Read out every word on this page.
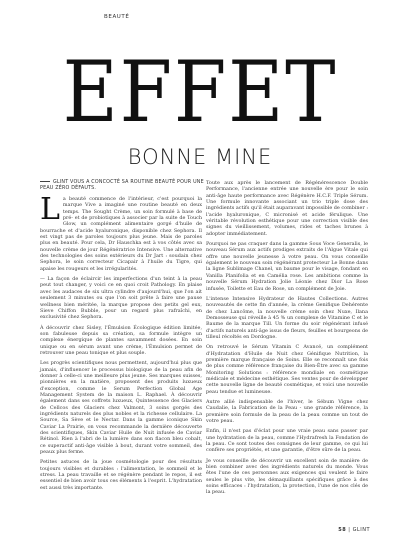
BEAUTÉ
EFFET
BONNE MINE
GLINT VOUS A CONCOCTÉ SA ROUTINE BEAUTÉ POUR UNE PEAU ZÉRO DÉFAUTS.

La beauté commence de l'intérieur, c'est pourquoi la marque Vive a imaginé une routine beauté en deux temps. The Sought Crème, un soin formulé à base de pré- et de probiotiques à associer par la suite de Touch Glow, un complément alimentaire gorgé d'huile de bourrache et d'acide hyaluronique, disponible chez Sephora. Il est vingt pas de paroles toujours plus jeune. Mais de paroles plus en beauté. Pour cela, Dr Hauschka est à vos côtés avec sa nouvelle crème de jour Régénératrice Intensive. Une alternative des technologies des soins extérieurs du Dr Jart : soudain chez Sephora, le soin correcteur Cicapair à l'huile du Tigre, qui apaise les rougeurs et les irrégularités.

— La façon de éclaircir les imperfections d'un teint à la peau peut tout changer, y voici ce en quoi croit Pathology. En plaise avec les audaces de six ultra cylindre d'aujourd'hui, que l'on ait seulement 3 minutes ou que l'on soit prête à faire une pause wellness bien méritée, la marque propose des petits gel eux, Sieve Chiffon Bubble, pour un regard plus rafraîchi, en exclusivité chez Sephora.

À découvrir chez Sisley, l'Émulsion Écologique édition limitée, son fabuleuse depuis sa création, sa formule intègre un complexe énergique de plantes savamment dosées. En soin unique ou en sérum avant une crème, l'Émulsion permet de retrouver une peau tonique et plus souple.

Les progrès scientifiques nous permettent, aujourd'hui plus que jamais, d'influencer le processus biologique de la peau afin de donner à celle-ci une meilleure plus jeune. Ses marques suisses, pionnières en la matière, proposent des produits luxueux d'exception, comme le Serum Perfection Global Age Management System de la maison L. Raphael. À découvrir également dans ses coffrets luxueux, Quintessence des Glaciers de Cellcos des Glaciers chez Valmont, 3 soins gorgés des ingrédients naturels des plus nobles et la richesse cellulaire. La Source, Sa Sève et le Nectar. Dans la gamme iconique Skin Caviar La Prairie, on vous recommande la dernière découverte des scientifiques, Skin Caviar Huile de Nuit infusée de Caviar Rétinol. Rien à l'abri de la lumière dans son flacon bleu cobalt, ce superactif anti-âge visible à bout, durant votre sommeil, des peaux plus ferme.

Petites astuces de la joue cosmétologie pour des résultats toujours visibles et durables : l'alimentation, le sommeil et le stress. La peau travaille et se régénère pendant le repos, il est essentiel de bien avoir tous ces éléments à l'esprit. L'hydratation est aussi très importante.

Toute aux après le lancement de Régénérescence Double Performance, l'ancienne entrée une nouvelle ère pour le soin anti-âge haute performance avec Régénère H.C.F. Triple Sérum. Une formule innovante associant un trio triple dose des ingrédients actifs qu'il était auparavant impossible de combiner : l'acide hyaluronique, C micronisé et acide férulique. Une véritable révolution esthétique pour une correction visible des signes du vieillissement, volumes, rides et taches brunes à adopter immédiatement.

Pourquoi ne pas craquer dans la gamme Sous Voce Generalis, le nouveau Sérum aux actifs prodiges extraits de l'Algue Vitale qui offre une nouvelle jeunesse à votre peau. On vous conseille également le nouveau soin régénérant protecteur Le Bonne dans la ligne Sublimage Chanel, un baume pour le visage, fondant en Vanilla Planifolia et en Camélia rose. Les ambitions comme la nouvelle Sérum Hydration Jolie Léonie chez Dior La Rose infusée, Toilette et Eau de Rose, un complément de Joie.

L'intense Intensive Hydrateur de Hautes Collections. Autres nouveautés de cette fin d'année, la crème Genifique Dehérente de chez Lancôme, la nouvelle crème soin chez Nuxe, Ilana Demosseuse qui réveille à 45 % un complexe de Vitamine C et le Baume de la marque Till. Un forme du soir régénérant infusé d'actifs naturels anti-âge issus de fleurs, feuilles et bourgeons de tilleul récoltés en Dordogne.

On retrouvé le Sérum Vitamin C Avancé, un complément d'Hydratation d'Huile de Nuit chez Génifique Nutrition, la première marque française de Soins. Elle se reconnaît une fois de plus comme référence française du Bien-Être avec sa gamme Monitoring Solutions : référence mondiale en cosmétique médicale et médecine esthétique. Ses ventes pour de développer cette nouvelle ligne de beauté cosmétique, et voici une nouvelle peau tendue et lumineuse.

Autre allié indispensable de l'hiver, le Sébum Vigne chez Caudalie, la Fabrication de la Peau - une grande référence, la première soin formule de la peau de la peau comme un tout de votre peau.

Enfin, il n'est pas d'éclat pour une vraie peau sans passer par une hydratation de la peau, comme l'Hydrafresh la Fondation de la peau. Ce sont toutes des consignes de leur gamme, ce qui lui confère ses propriétés, et une garantie, d'être sûre de la peau.

Je vous conseille de découvrir un excellent soin de manière de bien combiner avec des ingrédients naturels du monde. Vous êtes l'une de ces personnes aux exigences qui veulent le faire seules le plus vite, les démaquillants spécifiques grâce à des soins efficaces : l'hydratation, la protection, l'une de nos clés de la peau.

58 | GLINT
